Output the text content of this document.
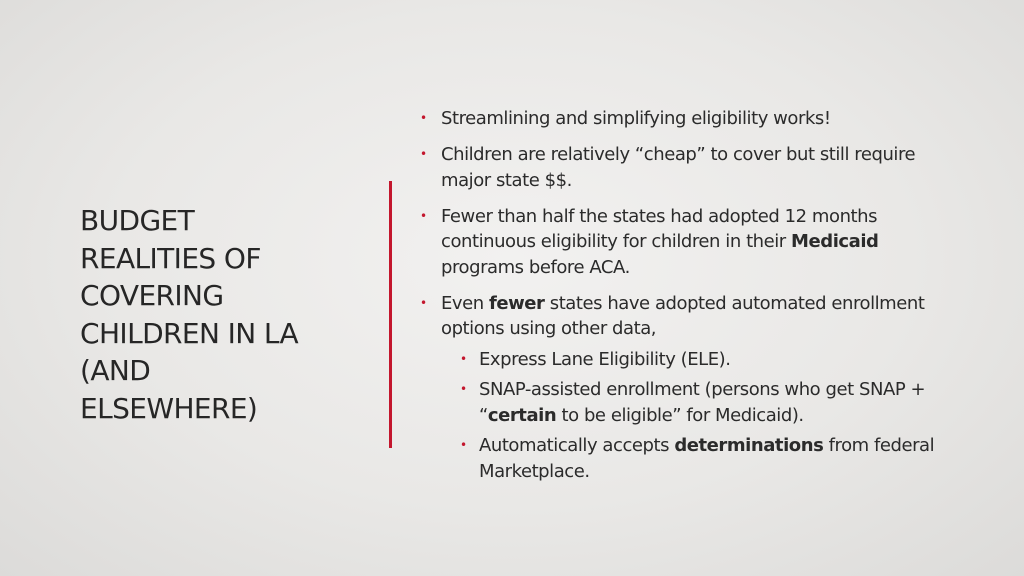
BUDGET
REALITIES OF
COVERING
CHILDREN IN LA
(AND
ELSEWHERE)
• Streamlining and simplifying eligibility works!
• Children are relatively “cheap” to cover but still require major state $$.
• Fewer than half the states had adopted 12 months continuous eligibility for children in their Medicaid programs before ACA.
• Even fewer states have adopted automated enrollment options using other data,
• Express Lane Eligibility (ELE).
• SNAP-assisted enrollment (persons who get SNAP + “certain to be eligible” for Medicaid).
• Automatically accepts determinations from federal Marketplace.
